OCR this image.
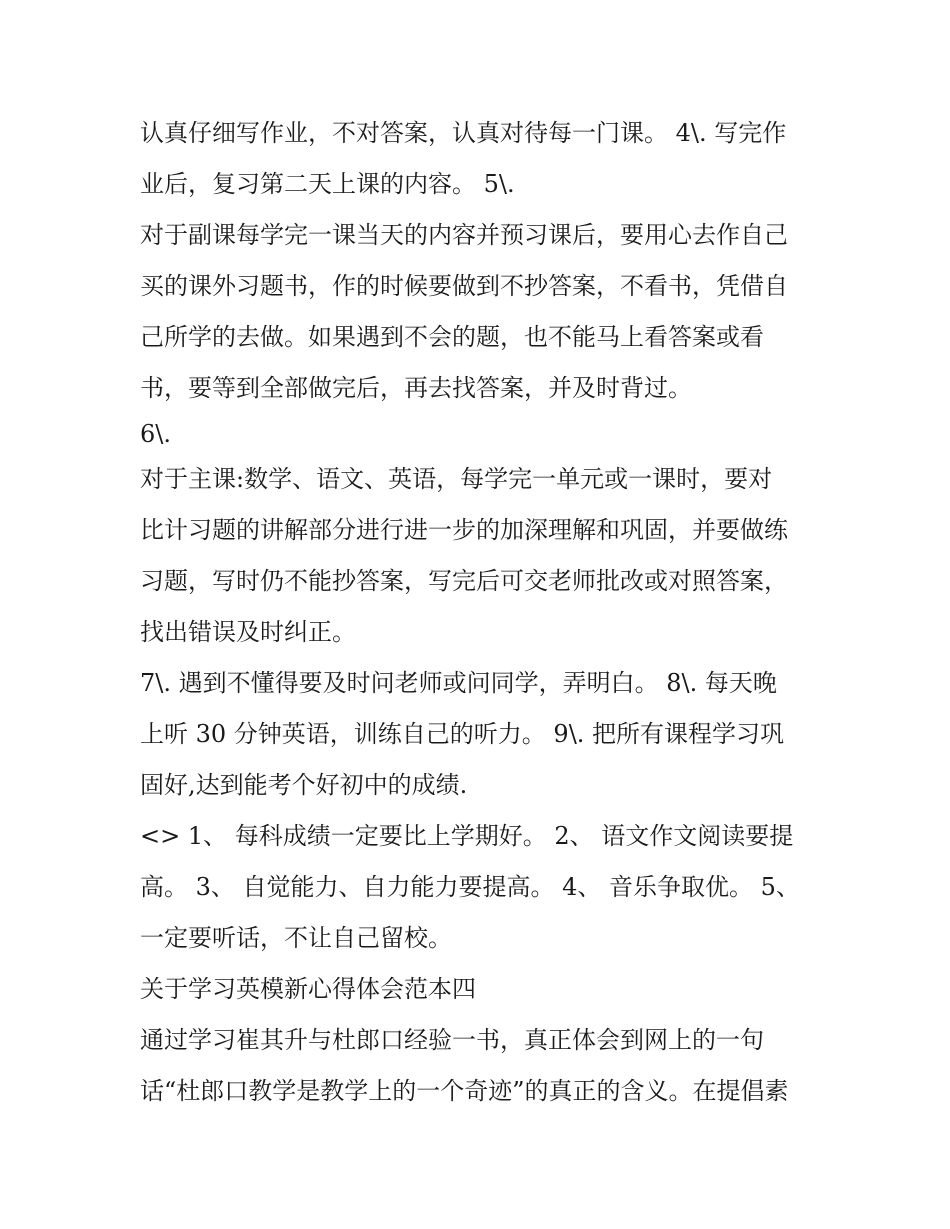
认真仔细写作业，不对答案，认真对待每一门课。 4\. 写完作
业后，复习第二天上课的内容。 5\.
对于副课每学完一课当天的内容并预习课后，要用心去作自己
买的课外习题书，作的时候要做到不抄答案，不看书，凭借自
己所学的去做。如果遇到不会的题，也不能马上看答案或看
书，要等到全部做完后，再去找答案，并及时背过。
6\.
对于主课:数学、语文、英语，每学完一单元或一课时，要对
比计习题的讲解部分进行进一步的加深理解和巩固，并要做练
习题，写时仍不能抄答案，写完后可交老师批改或对照答案，
找出错误及时纠正。
7\. 遇到不懂得要及时问老师或问同学，弄明白。 8\. 每天晚
上听 30 分钟英语，训练自己的听力。 9\. 把所有课程学习巩
固好,达到能考个好初中的成绩.
<> 1、 每科成绩一定要比上学期好。 2、 语文作文阅读要提
高。 3、 自觉能力、自力能力要提高。 4、 音乐争取优。 5、
一定要听话，不让自己留校。
关于学习英模新心得体会范本四
通过学习崔其升与杜郎口经验一书，真正体会到网上的一句
话“杜郎口教学是教学上的一个奇迹”的真正的含义。在提倡素
